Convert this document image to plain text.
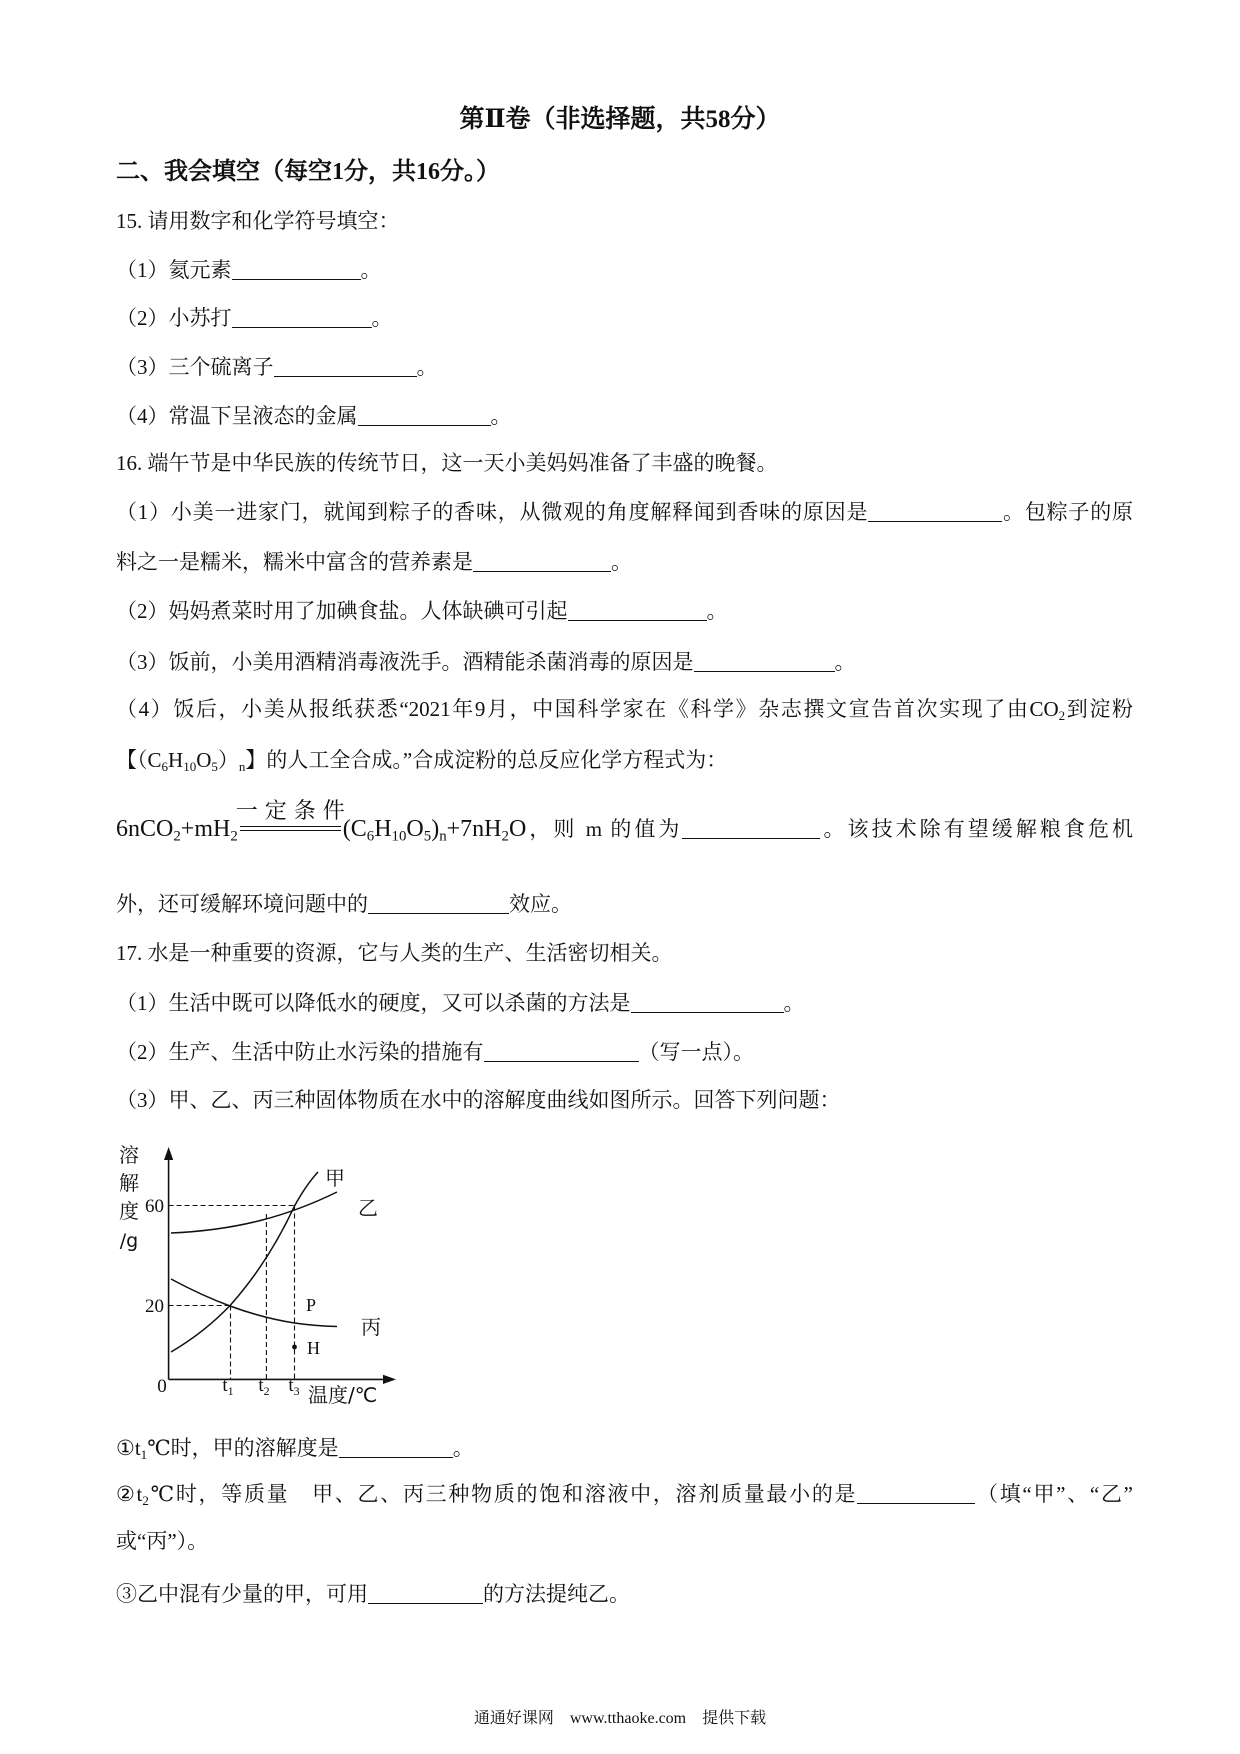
第Ⅱ卷（非选择题，共58分）
二、我会填空（每空1分，共16分。）
15. 请用数字和化学符号填空：
（1）氦元素	。
（2）小苏打	。
（3）三个硫离子	。
（4）常温下呈液态的金属	。
16. 端午节是中华民族的传统节日，这一天小美妈妈准备了丰盛的晚餐。
（1）小美一进家门，就闻到粽子的香味，从微观的角度解释闻到香味的原因是	。包粽子的原
料之一是糯米，糯米中富含的营养素是	。
（2）妈妈煮菜时用了加碘食盐。人体缺碘可引起	。
（3）饭前，小美用酒精消毒液洗手。酒精能杀菌消毒的原因是	。
（4）饭后，小美从报纸获悉“2021年9月，中国科学家在《科学》杂志撰文宣告首次实现了由$CO_2$到淀粉
【$(C_6H_{10}O_5)_n$】的人工全合成。”合成淀粉的总反应化学方程式为：
$6nCO_2+mH_2$
一定条件
$(C_6H_{10}O_5)_n+7nH_2O$，则 m 的值为	。该技术除有望缓解粮食危机
外，还可缓解环境问题中的	效应。
17. 水是一种重要的资源，它与人类的生产、生活密切相关。
（1）生活中既可以降低水的硬度，又可以杀菌的方法是	。
（2）生产、生活中防止水污染的措施有	（写一点）。
（3）甲、乙、丙三种固体物质在水中的溶解度曲线如图所示。回答下列问题：
溶
解
度
/g
60
20
0	$t_1$ $t_2$ $t_3$ 温度/℃
甲
乙
丙
P
H
$①t_1℃$时，甲的溶解度是	。
$②t_2℃$时，等质量　甲、乙、丙三种物质的饱和溶液中，溶剂质量最小的是	（填“甲”、“乙”
或“丙”）。
③乙中混有少量的甲，可用	的方法提纯乙。
通通好课网　www.tthaoke.com　提供下载
